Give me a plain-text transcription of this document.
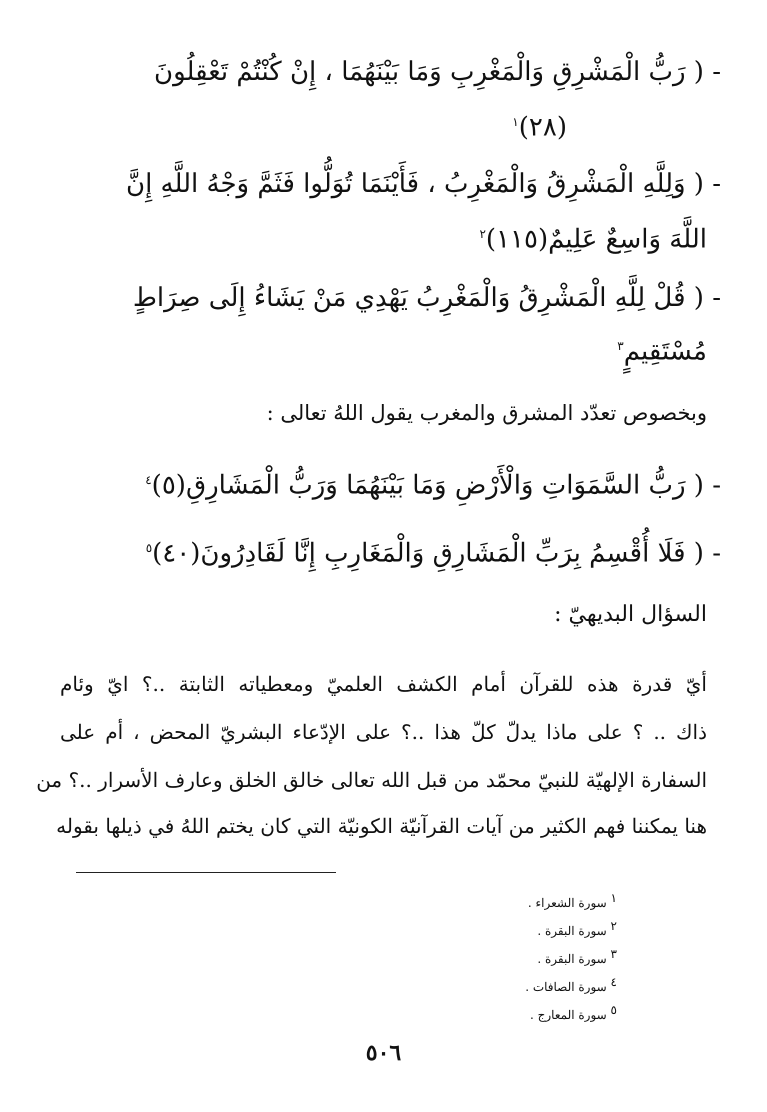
- ( رَبُّ الْمَشْرِقِ وَالْمَغْرِبِ وَمَا بَيْنَهُمَا ، إِنْ كُنْتُمْ تَعْقِلُونَ
(٢٨)$^١$
- ( وَلِلَّهِ الْمَشْرِقُ وَالْمَغْرِبُ ، فَأَيْنَمَا تُوَلُّوا فَثَمَّ وَجْهُ اللَّهِ إِنَّ
اللَّهَ وَاسِعٌ عَلِيمٌ(١١٥)$^٢$
- ( قُلْ لِلَّهِ الْمَشْرِقُ وَالْمَغْرِبُ يَهْدِي مَنْ يَشَاءُ إِلَى صِرَاطٍ
مُسْتَقِيمٍ$^٣$
وبخصوص تعدّد المشرق والمغرب يقول اللهُ تعالى :
- ( رَبُّ السَّمَوَاتِ وَالْأَرْضِ وَمَا بَيْنَهُمَا وَرَبُّ الْمَشَارِقِ(٥)$^٤$
- ( فَلَا أُقْسِمُ بِرَبِّ الْمَشَارِقِ وَالْمَغَارِبِ إِنَّا لَقَادِرُونَ(٤٠)$^٥$
السؤال البديهيّ :
أيّ قدرة هذه للقرآن أمام الكشف العلميّ ومعطياته الثابتة ..؟ ايّ وئام
ذاك .. ؟ على ماذا يدلّ كلّ هذا ..؟ على الإدّعاء البشريّ المحض ، أم على
السفارة الإلهيّة للنبيّ محمّد من قبل الله تعالى خالق الخلق وعارف الأسرار ..؟ من
هنا يمكننا فهم الكثير من آيات القرآنيّة الكونيّة التي كان يختم اللهُ في ذيلها بقوله
$^١$ سورة الشعراء .
$^٢$ سورة البقرة .
$^٣$ سورة البقرة .
$^٤$ سورة الصافات .
$^٥$ سورة المعارج .
٥٠٦
